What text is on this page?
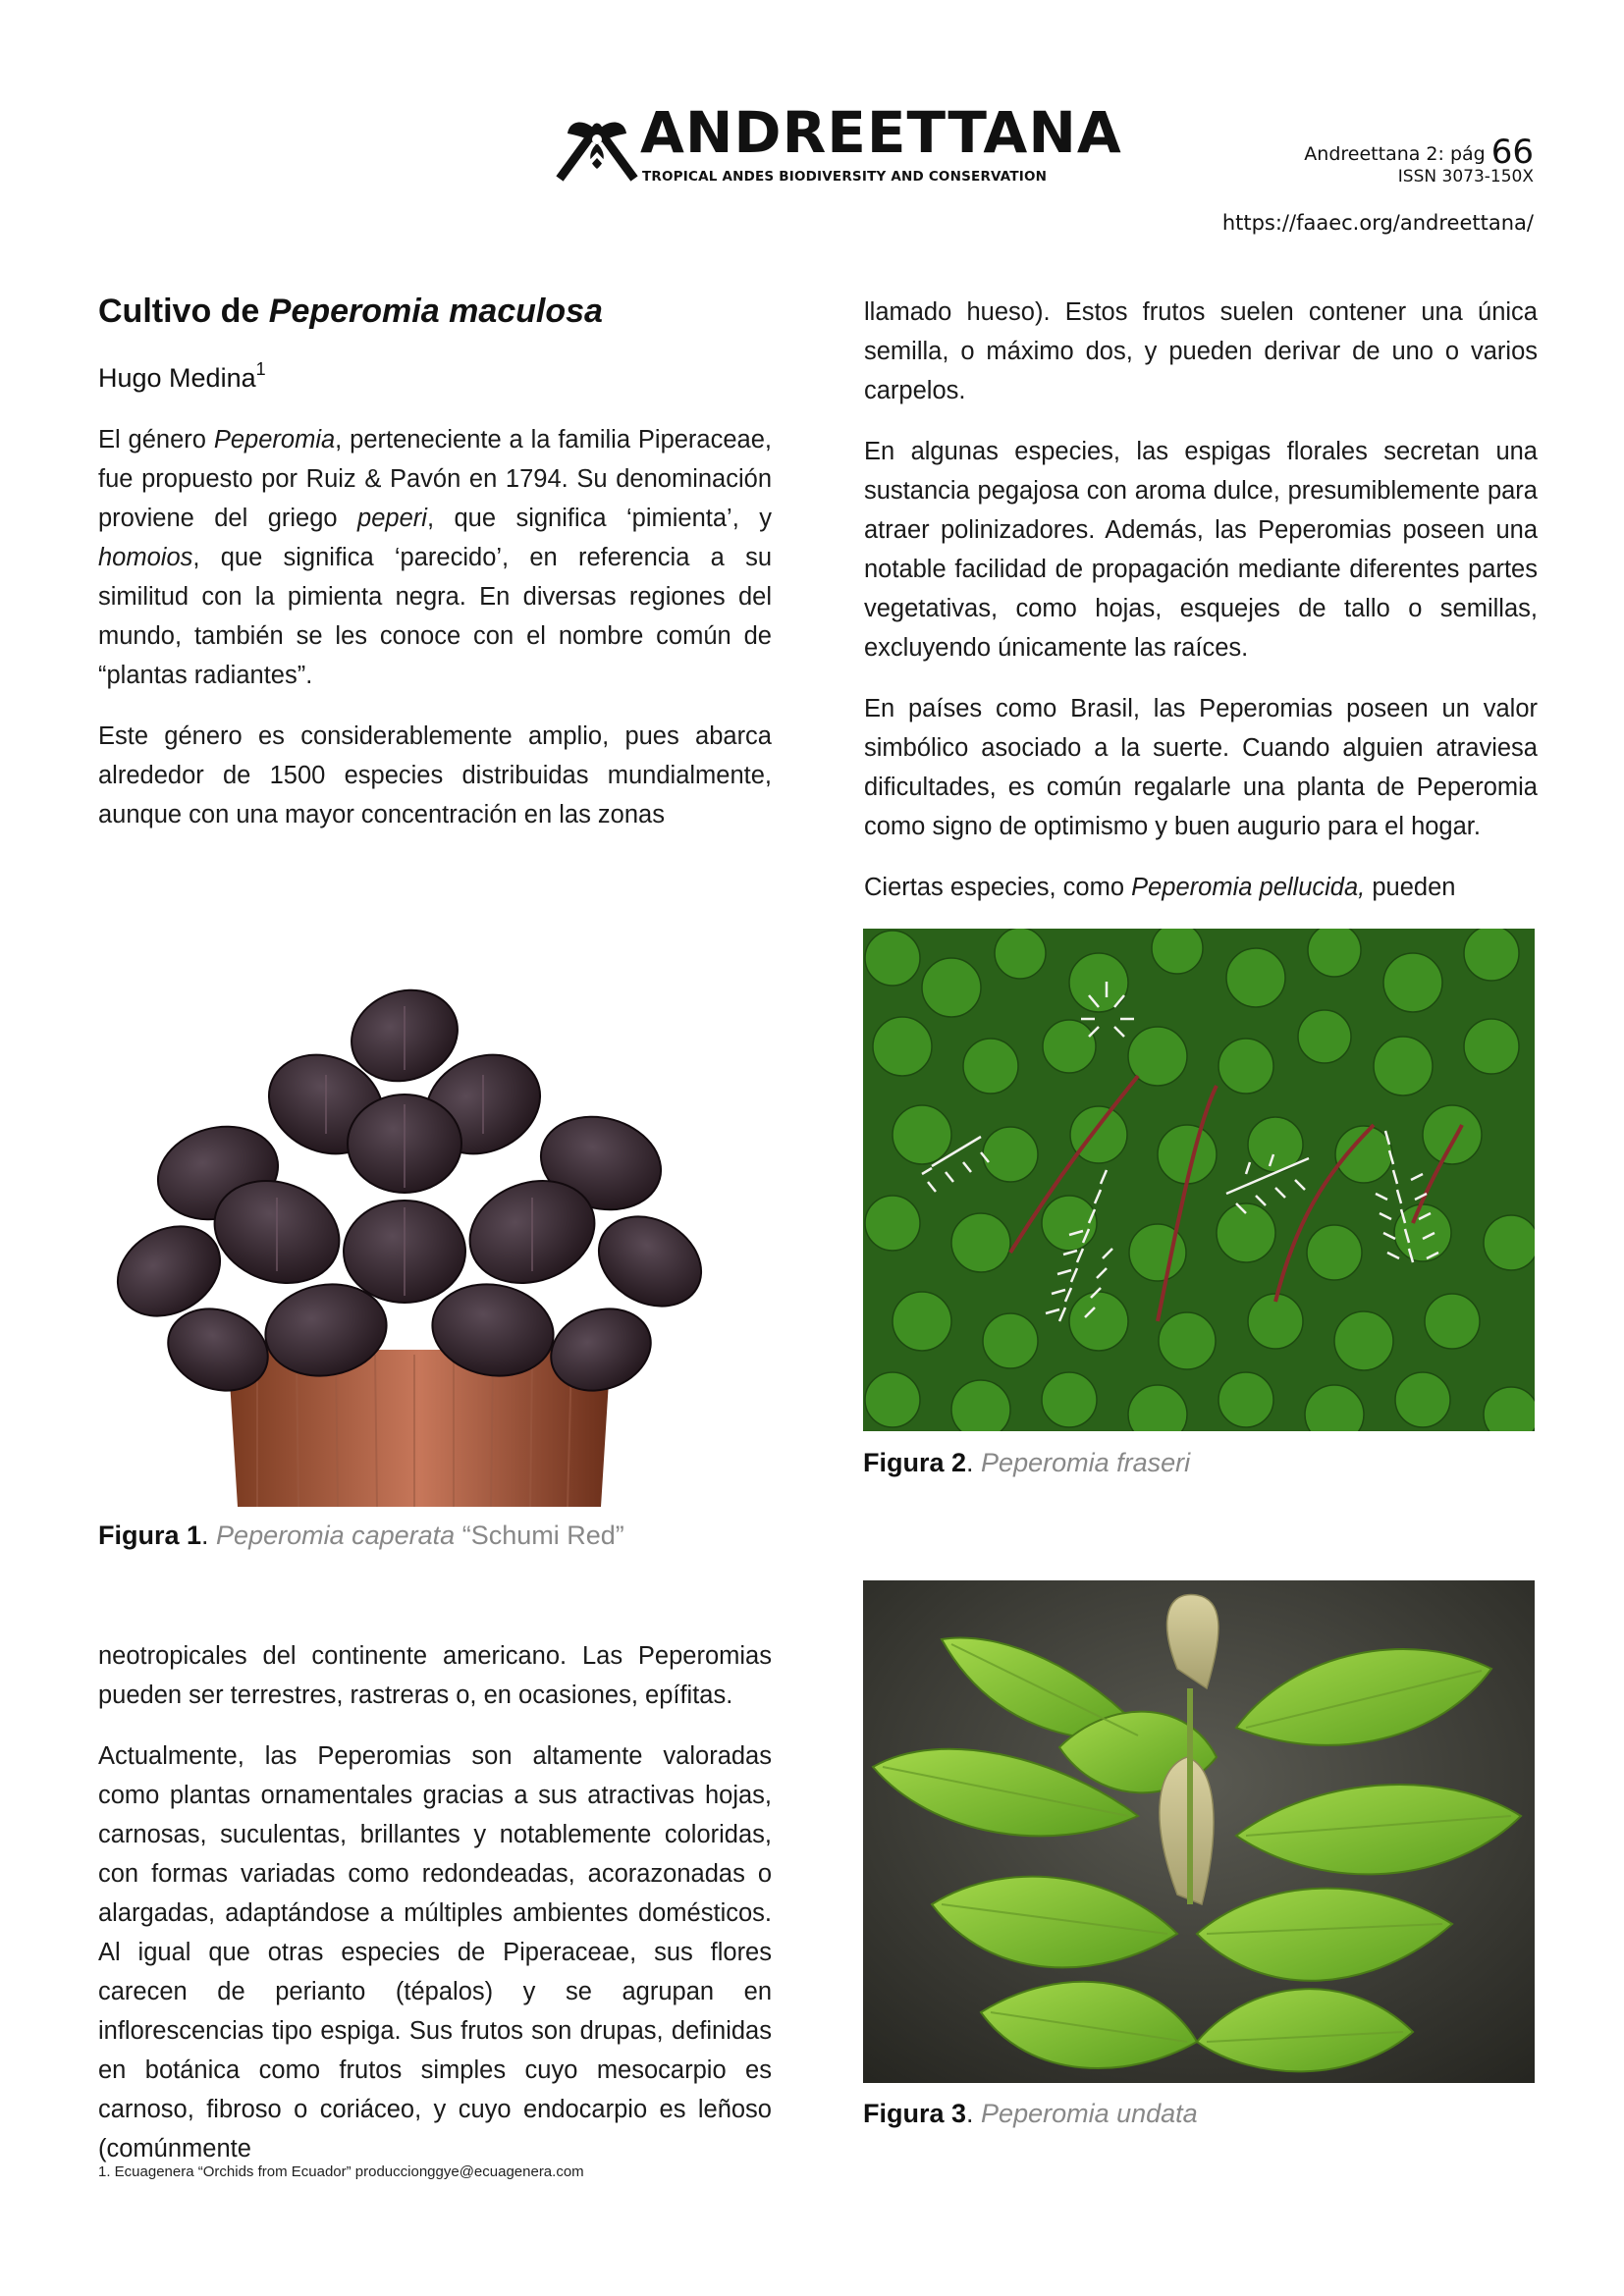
ANDREETTANA
TROPICAL ANDES BIODIVERSITY AND CONSERVATION
Andreettana 2: pág 66
ISSN 3073-150X
https://faaec.org/andreettana/
Cultivo de Peperomia maculosa
Hugo Medina$^1$

El género Peperomia, perteneciente a la familia Piperaceae, fue propuesto por Ruiz & Pavón en 1794. Su denominación proviene del griego peperi, que significa ‘pimienta’, y homoios, que significa ‘parecido’, en referencia a su similitud con la pimienta negra. En diversas regiones del mundo, también se les conoce con el nombre común de “plantas radiantes”.

Este género es considerablemente amplio, pues abarca alrededor de 1500 especies distribuidas mundialmente, aunque con una mayor concentración en las zonas

Figura 1. Peperomia caperata “Schumi Red”

neotropicales del continente americano. Las Peperomias pueden ser terrestres, rastreras o, en ocasiones, epífitas.

Actualmente, las Peperomias son altamente valoradas como plantas ornamentales gracias a sus atractivas hojas, carnosas, suculentas, brillantes y notablemente coloridas, con formas variadas como redondeadas, acorazonadas o alargadas, adaptándose a múltiples ambientes domésticos. Al igual que otras especies de Piperaceae, sus flores carecen de perianto (tépalos) y se agrupan en inflorescencias tipo espiga. Sus frutos son drupas, definidas en botánica como frutos simples cuyo mesocarpio es carnoso, fibroso o coriáceo, y cuyo endocarpio es leñoso (comúnmente

llamado hueso). Estos frutos suelen contener una única semilla, o máximo dos, y pueden derivar de uno o varios carpelos.

En algunas especies, las espigas florales secretan una sustancia pegajosa con aroma dulce, presumiblemente para atraer polinizadores. Además, las Peperomias poseen una notable facilidad de propagación mediante diferentes partes vegetativas, como hojas, esquejes de tallo o semillas, excluyendo únicamente las raíces.

En países como Brasil, las Peperomias poseen un valor simbólico asociado a la suerte. Cuando alguien atraviesa dificultades, es común regalarle una planta de Peperomia como signo de optimismo y buen augurio para el hogar.

Ciertas especies, como Peperomia pellucida, pueden

Figura 2. Peperomia fraseri
Figura 3. Peperomia undata
1. Ecuagenera “Orchids from Ecuador” produccionggye@ecuagenera.com
